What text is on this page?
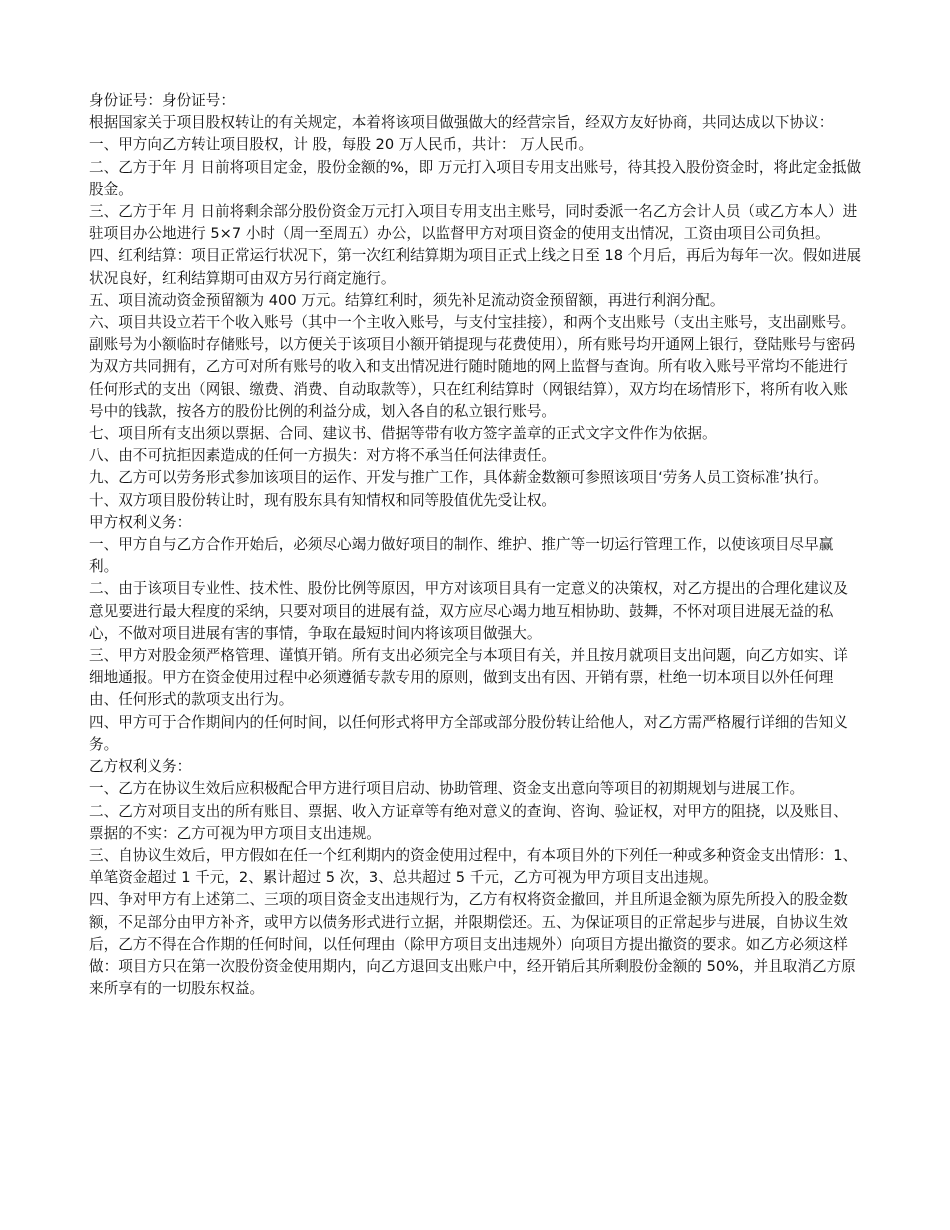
身份证号：身份证号：

根据国家关于项目股权转让的有关规定，本着将该项目做强做大的经营宗旨，经双方友好协商，共同达成以下协议：

一、甲方向乙方转让项目股权，计 股，每股 20 万人民币，共计： 万人民币。

二、乙方于年 月 日前将项目定金，股份金额的%，即 万元打入项目专用支出账号，待其投入股份资金时，将此定金抵做股金。

三、乙方于年 月 日前将剩余部分股份资金万元打入项目专用支出主账号，同时委派一名乙方会计人员（或乙方本人）进驻项目办公地进行 5×7 小时（周一至周五）办公，以监督甲方对项目资金的使用支出情况，工资由项目公司负担。

四、红利结算：项目正常运行状况下，第一次红利结算期为项目正式上线之日至 18 个月后，再后为每年一次。假如进展状况良好，红利结算期可由双方另行商定施行。

五、项目流动资金预留额为 400 万元。结算红利时，须先补足流动资金预留额，再进行利润分配。

六、项目共设立若干个收入账号（其中一个主收入账号，与支付宝挂接），和两个支出账号（支出主账号，支出副账号。副账号为小额临时存储账号，以方便关于该项目小额开销提现与花费使用），所有账号均开通网上银行，登陆账号与密码为双方共同拥有，乙方可对所有账号的收入和支出情况进行随时随地的网上监督与查询。所有收入账号平常均不能进行任何形式的支出（网银、缴费、消费、自动取款等），只在红利结算时（网银结算），双方均在场情形下，将所有收入账号中的钱款，按各方的股份比例的利益分成，划入各自的私立银行账号。

七、项目所有支出须以票据、合同、建议书、借据等带有收方签字盖章的正式文字文件作为依据。

八、由不可抗拒因素造成的任何一方损失：对方将不承当任何法律责任。

九、乙方可以劳务形式参加该项目的运作、开发与推广工作，具体薪金数额可参照该项目‘劳务人员工资标准’执行。

十、双方项目股份转让时，现有股东具有知情权和同等股值优先受让权。

甲方权利义务：

一、甲方自与乙方合作开始后，必须尽心竭力做好项目的制作、维护、推广等一切运行管理工作，以使该项目尽早赢利。

二、由于该项目专业性、技术性、股份比例等原因，甲方对该项目具有一定意义的决策权，对乙方提出的合理化建议及意见要进行最大程度的采纳，只要对项目的进展有益，双方应尽心竭力地互相协助、鼓舞，不怀对项目进展无益的私心，不做对项目进展有害的事情，争取在最短时间内将该项目做强大。

三、甲方对股金须严格管理、谨慎开销。所有支出必须完全与本项目有关，并且按月就项目支出问题，向乙方如实、详细地通报。甲方在资金使用过程中必须遵循专款专用的原则，做到支出有因、开销有票，杜绝一切本项目以外任何理由、任何形式的款项支出行为。

四、甲方可于合作期间内的任何时间，以任何形式将甲方全部或部分股份转让给他人，对乙方需严格履行详细的告知义务。

乙方权利义务：

一、乙方在协议生效后应积极配合甲方进行项目启动、协助管理、资金支出意向等项目的初期规划与进展工作。

二、乙方对项目支出的所有账目、票据、收入方证章等有绝对意义的查询、咨询、验证权，对甲方的阻挠，以及账目、票据的不实：乙方可视为甲方项目支出违规。

三、自协议生效后，甲方假如在任一个红利期内的资金使用过程中，有本项目外的下列任一种或多种资金支出情形：1、单笔资金超过 1 千元，2、累计超过 5 次，3、总共超过 5 千元，乙方可视为甲方项目支出违规。

四、争对甲方有上述第二、三项的项目资金支出违规行为，乙方有权将资金撤回，并且所退金额为原先所投入的股金数额，不足部分由甲方补齐，或甲方以债务形式进行立据，并限期偿还。五、为保证项目的正常起步与进展，自协议生效后，乙方不得在合作期的任何时间，以任何理由（除甲方项目支出违规外）向项目方提出撤资的要求。如乙方必须这样做：项目方只在第一次股份资金使用期内，向乙方退回支出账户中，经开销后其所剩股份金额的 50%，并且取消乙方原来所享有的一切股东权益。
